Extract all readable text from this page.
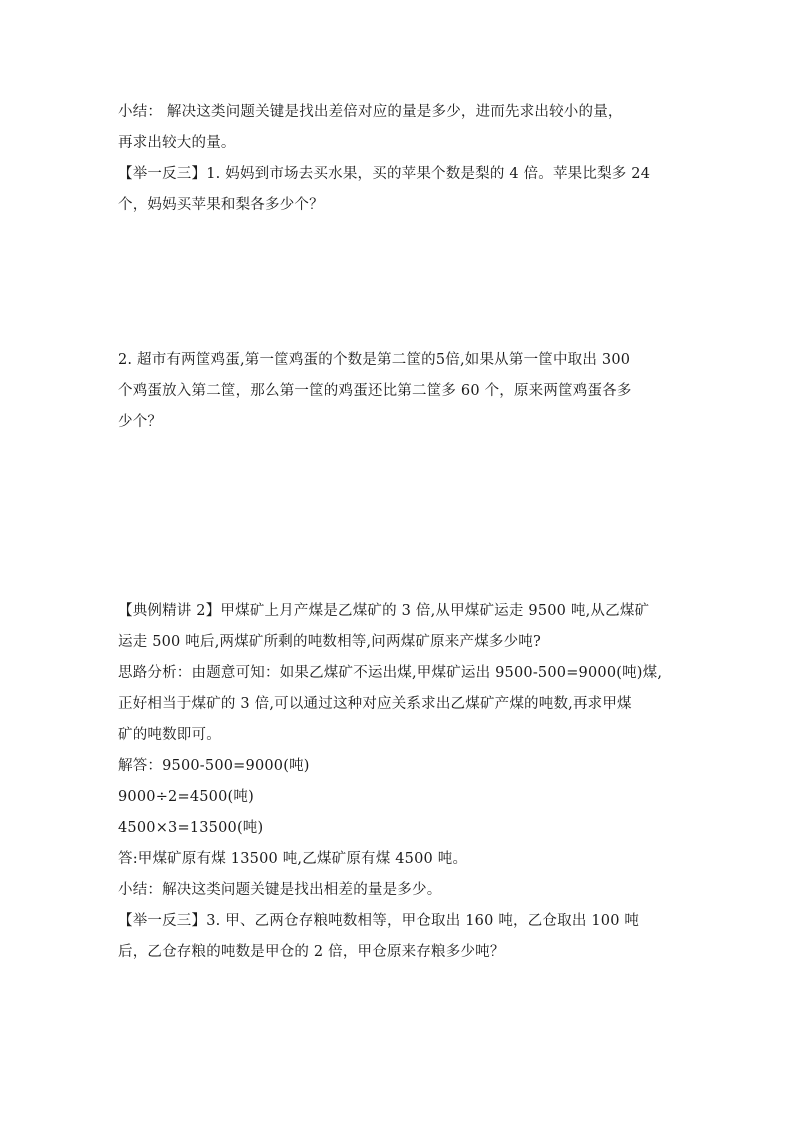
小结： 解决这类问题关键是找出差倍对应的量是多少，进而先求出较小的量，
再求出较大的量。

【举一反三】1. 妈妈到市场去买水果，买的苹果个数是梨的 4 倍。苹果比梨多 24
个，妈妈买苹果和梨各多少个？

2. 超市有两筐鸡蛋,第一筐鸡蛋的个数是第二筐的5倍,如果从第一筐中取出 300
个鸡蛋放入第二筐，那么第一筐的鸡蛋还比第二筐多 60 个，原来两筐鸡蛋各多
少个？

【典例精讲 2】甲煤矿上月产煤是乙煤矿的 3 倍,从甲煤矿运走 9500 吨,从乙煤矿
运走 500 吨后,两煤矿所剩的吨数相等,问两煤矿原来产煤多少吨?

思路分析：由题意可知：如果乙煤矿不运出煤,甲煤矿运出 9500-500=9000(吨)煤,
正好相当于煤矿的 3 倍,可以通过这种对应关系求出乙煤矿产煤的吨数,再求甲煤
矿的吨数即可。

解答：9500-500=9000(吨)

9000÷2=4500(吨)

4500×3=13500(吨)

答:甲煤矿原有煤 13500 吨,乙煤矿原有煤 4500 吨。

小结：解决这类问题关键是找出相差的量是多少。

【举一反三】3. 甲、乙两仓存粮吨数相等，甲仓取出 160 吨，乙仓取出 100 吨
后，乙仓存粮的吨数是甲仓的 2 倍，甲仓原来存粮多少吨？
